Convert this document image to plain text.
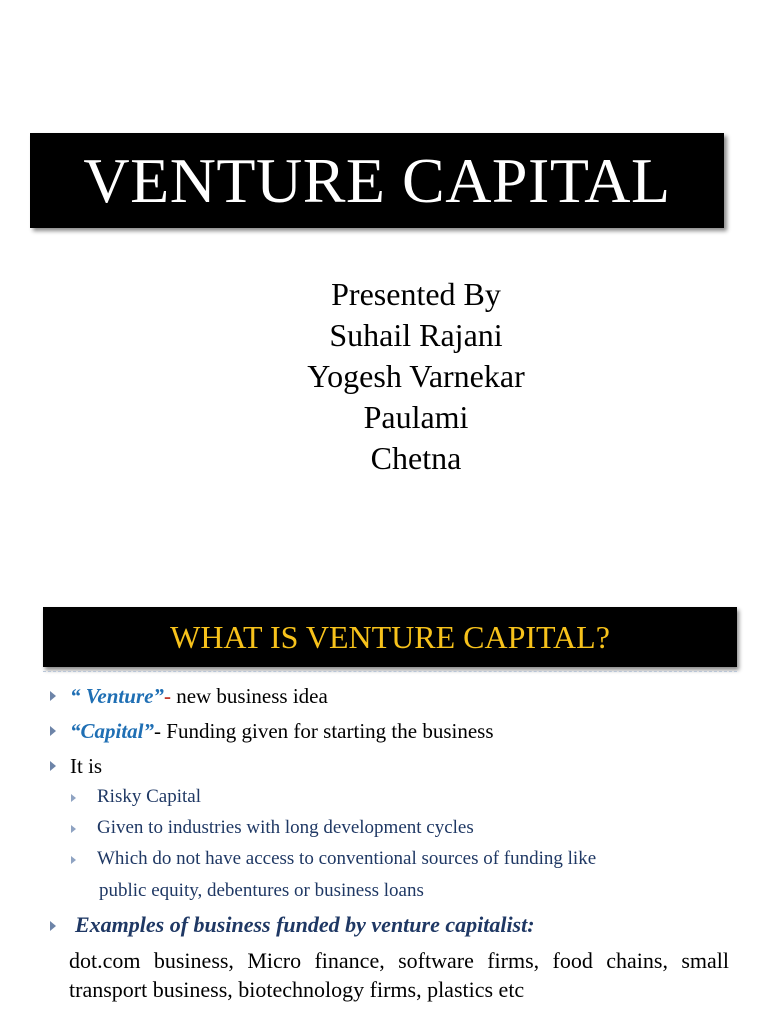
VENTURE CAPITAL
Presented By
Suhail Rajani
Yogesh Varnekar
Paulami
Chetna
WHAT IS VENTURE CAPITAL?
“ Venture”- new business idea
“Capital”- Funding given for starting the business
It is
Risky Capital
Given to industries with long development cycles
Which do not have access to conventional sources of funding like
public equity, debentures or business loans
Examples of business funded by venture capitalist:
dot.com business, Micro finance, software firms, food chains, small transport business, biotechnology firms, plastics etc
